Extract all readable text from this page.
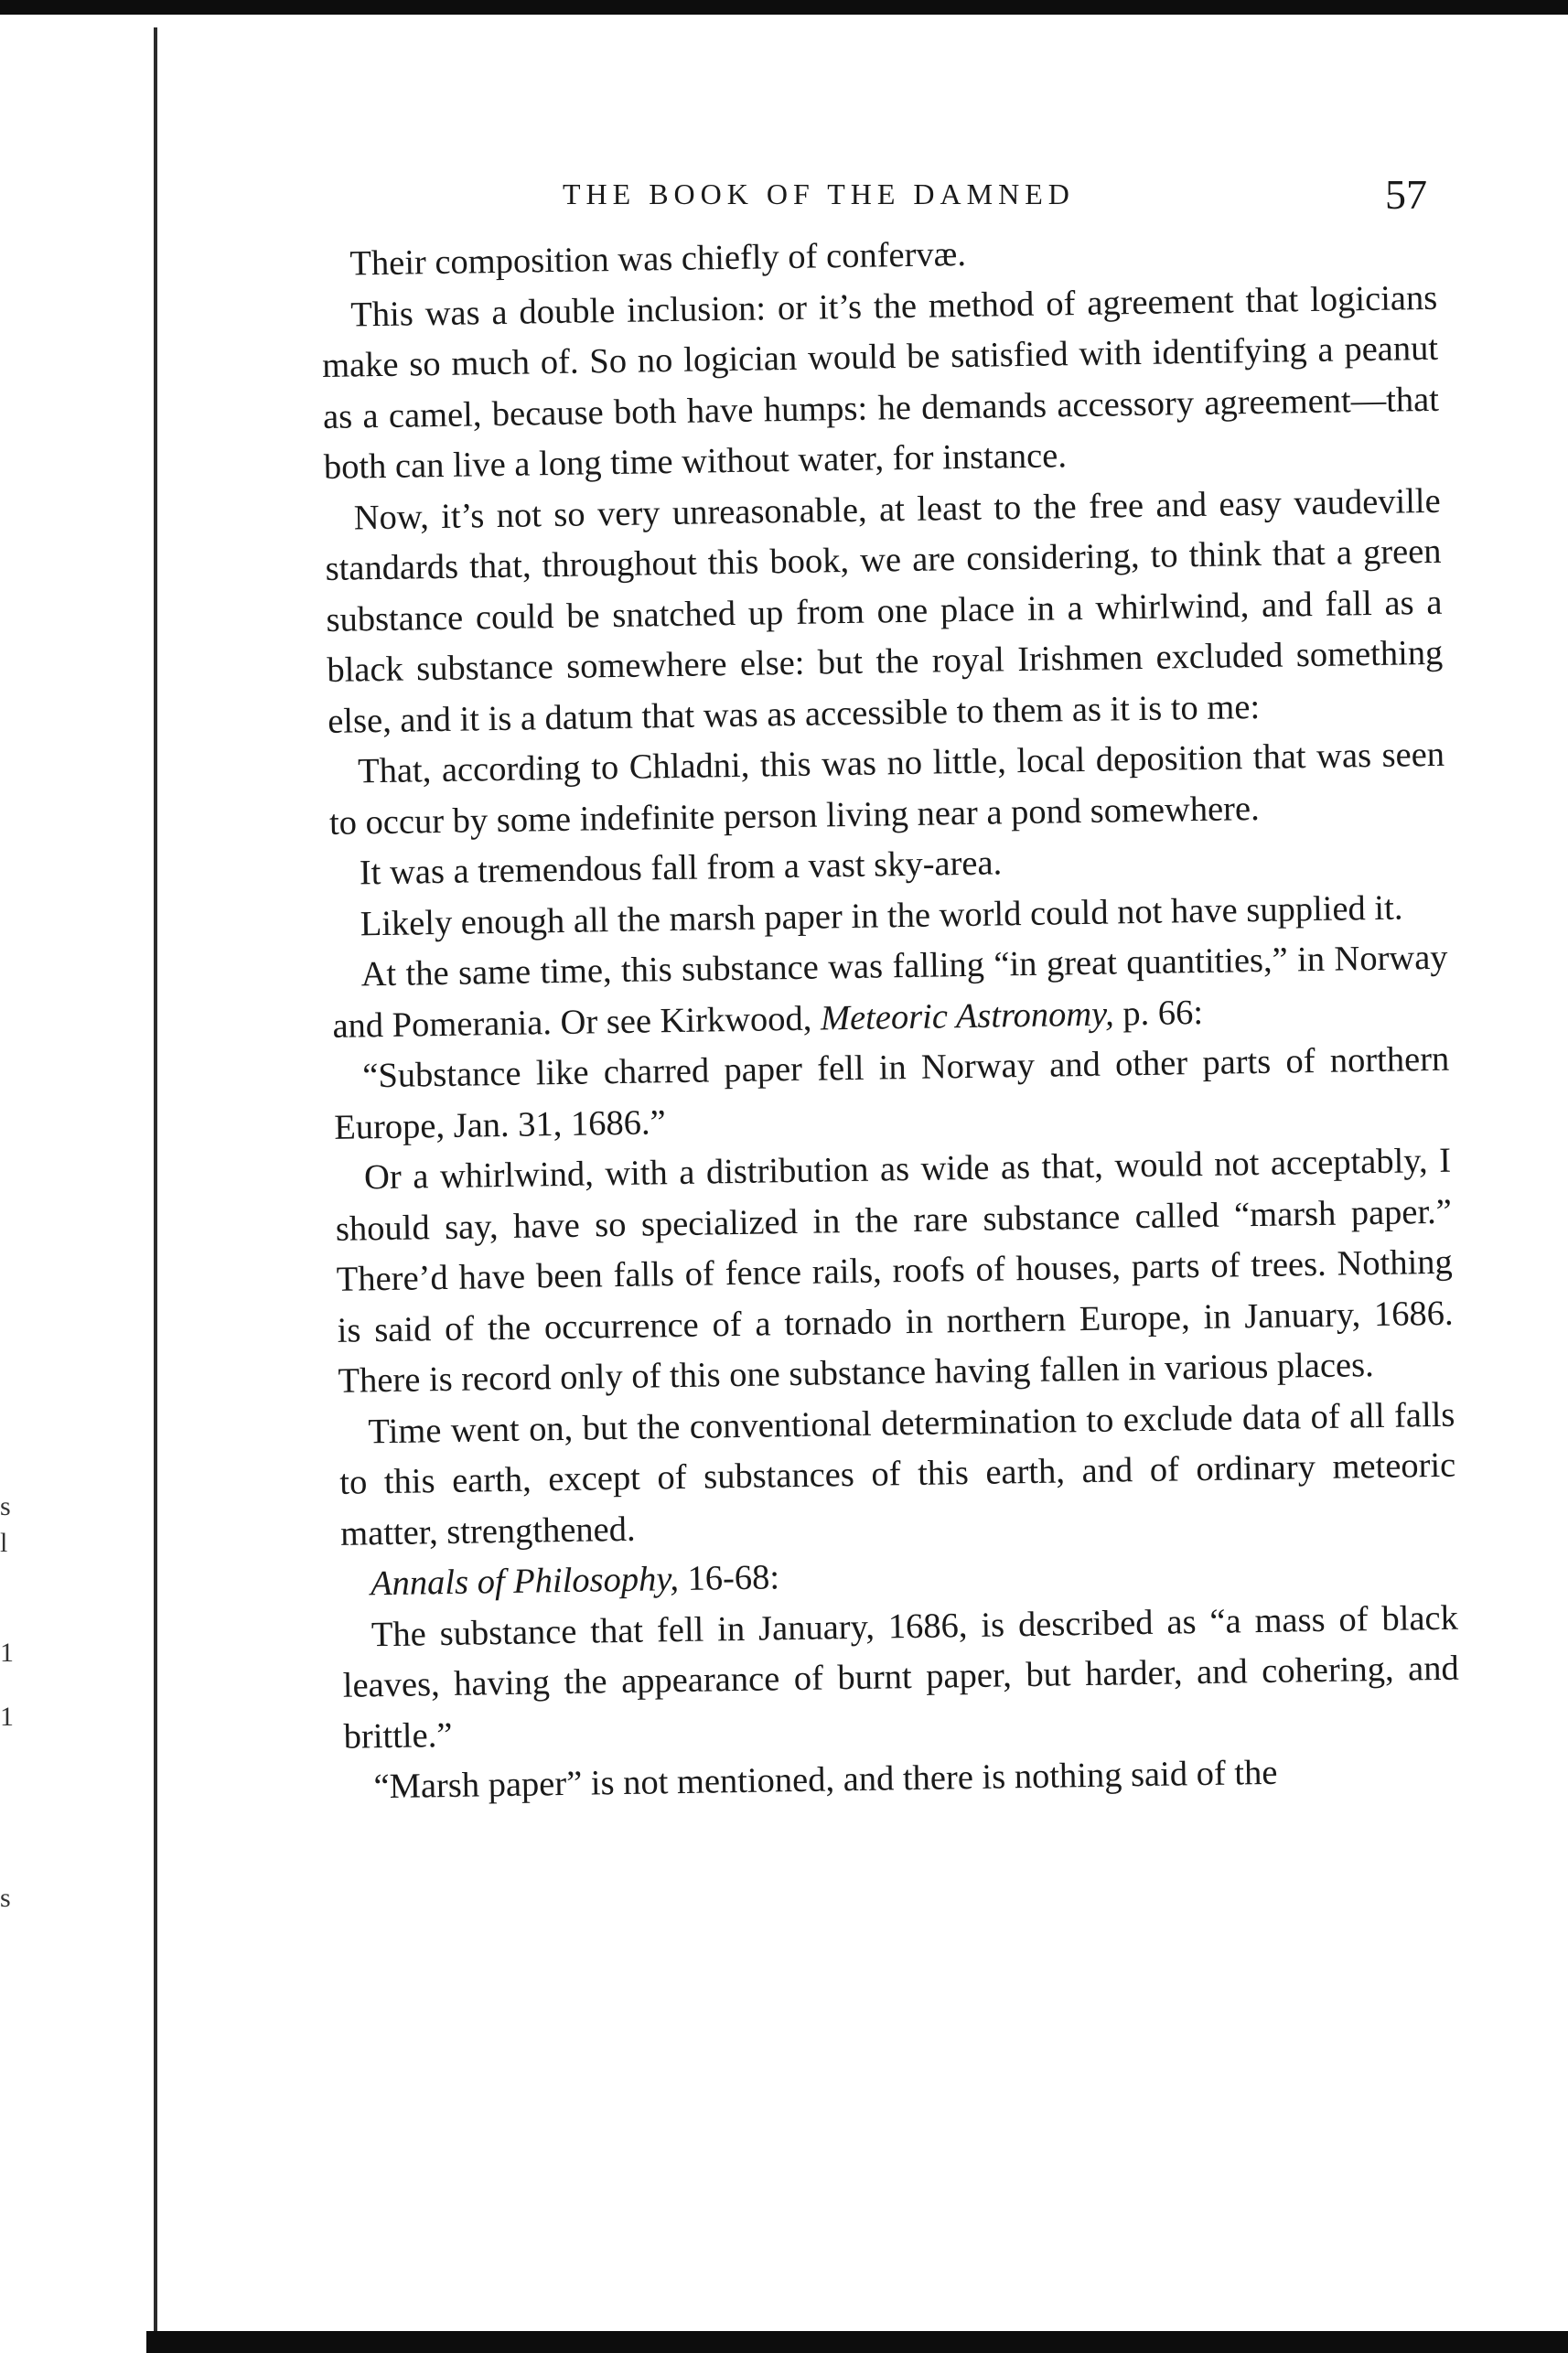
s
l
1
1
s
THE BOOK OF THE DAMNED	57

Their composition was chiefly of confervæ.

This was a double inclusion: or it’s the method of agreement that logicians make so much of. So no logician would be satisfied with identifying a peanut as a camel, because both have humps: he demands accessory agreement—that both can live a long time without water, for instance.

Now, it’s not so very unreasonable, at least to the free and easy vaudeville standards that, throughout this book, we are considering, to think that a green substance could be snatched up from one place in a whirlwind, and fall as a black substance somewhere else: but the royal Irishmen excluded something else, and it is a datum that was as accessible to them as it is to me:

That, according to Chladni, this was no little, local deposition that was seen to occur by some indefinite person living near a pond somewhere.

It was a tremendous fall from a vast sky-area.

Likely enough all the marsh paper in the world could not have supplied it.

At the same time, this substance was falling “in great quantities,” in Norway and Pomerania. Or see Kirkwood, Meteoric Astronomy, p. 66:

“Substance like charred paper fell in Norway and other parts of northern Europe, Jan. 31, 1686.”

Or a whirlwind, with a distribution as wide as that, would not acceptably, I should say, have so specialized in the rare substance called “marsh paper.” There’d have been falls of fence rails, roofs of houses, parts of trees. Nothing is said of the occurrence of a tornado in northern Europe, in January, 1686. There is record only of this one substance having fallen in various places.

Time went on, but the conventional determination to exclude data of all falls to this earth, except of substances of this earth, and of ordinary meteoric matter, strengthened.

Annals of Philosophy, 16-68:

The substance that fell in January, 1686, is described as “a mass of black leaves, having the appearance of burnt paper, but harder, and cohering, and brittle.”

“Marsh paper” is not mentioned, and there is nothing said of the
